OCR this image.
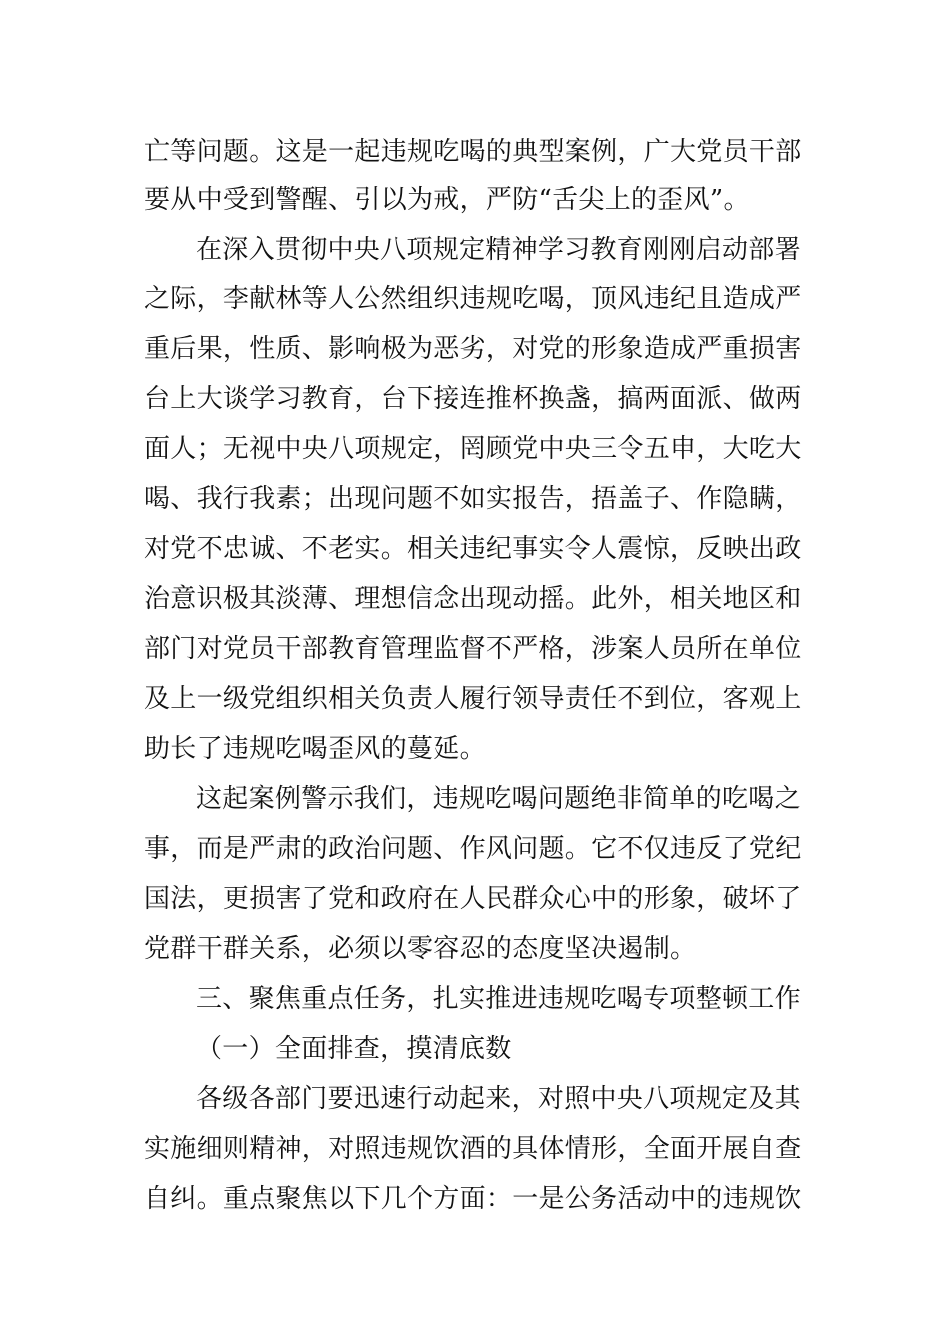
亡等问题。这是一起违规吃喝的典型案例，广大党员干部
要从中受到警醒、引以为戒，严防“舌尖上的歪风”。
在深入贯彻中央八项规定精神学习教育刚刚启动部署
之际，李献林等人公然组织违规吃喝，顶风违纪且造成严
重后果，性质、影响极为恶劣，对党的形象造成严重损害
台上大谈学习教育，台下接连推杯换盏，搞两面派、做两
面人；无视中央八项规定，罔顾党中央三令五申，大吃大
喝、我行我素；出现问题不如实报告，捂盖子、作隐瞒，
对党不忠诚、不老实。相关违纪事实令人震惊，反映出政
治意识极其淡薄、理想信念出现动摇。此外，相关地区和
部门对党员干部教育管理监督不严格，涉案人员所在单位
及上一级党组织相关负责人履行领导责任不到位，客观上
助长了违规吃喝歪风的蔓延。
这起案例警示我们，违规吃喝问题绝非简单的吃喝之
事，而是严肃的政治问题、作风问题。它不仅违反了党纪
国法，更损害了党和政府在人民群众心中的形象，破坏了
党群干群关系，必须以零容忍的态度坚决遏制。
三、聚焦重点任务，扎实推进违规吃喝专项整顿工作
（一）全面排查，摸清底数
各级各部门要迅速行动起来，对照中央八项规定及其
实施细则精神，对照违规饮酒的具体情形，全面开展自查
自纠。重点聚焦以下几个方面：一是公务活动中的违规饮
